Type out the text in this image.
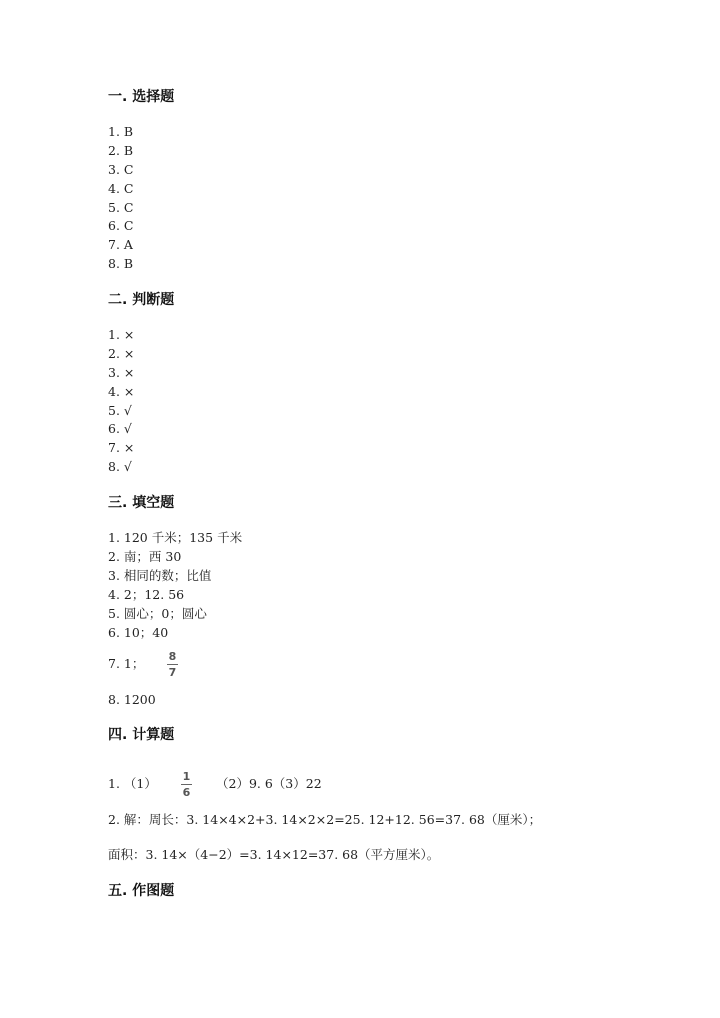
一. 选择题
1. B
2. B
3. C
4. C
5. C
6. C
7. A
8. B
二. 判断题
1. ×
2. ×
3. ×
4. ×
5. √
6. √
7. ×
8. √
三. 填空题
1. 120 千米；135 千米
2. 南；西 30
3. 相同的数；比值
4. 2；12. 56
5. 圆心；0；圆心
6. 10；40
7. 1； 8
7
8. 1200
四. 计算题
1. （1） 1
6
（2）9. 6（3）22
2. 解：周长：3. 14×4×2+3. 14×2×2=25. 12+12. 56=37. 68（厘米）；
面积：3. 14×（4−2）=3. 14×12=37. 68（平方厘米）。
五. 作图题
